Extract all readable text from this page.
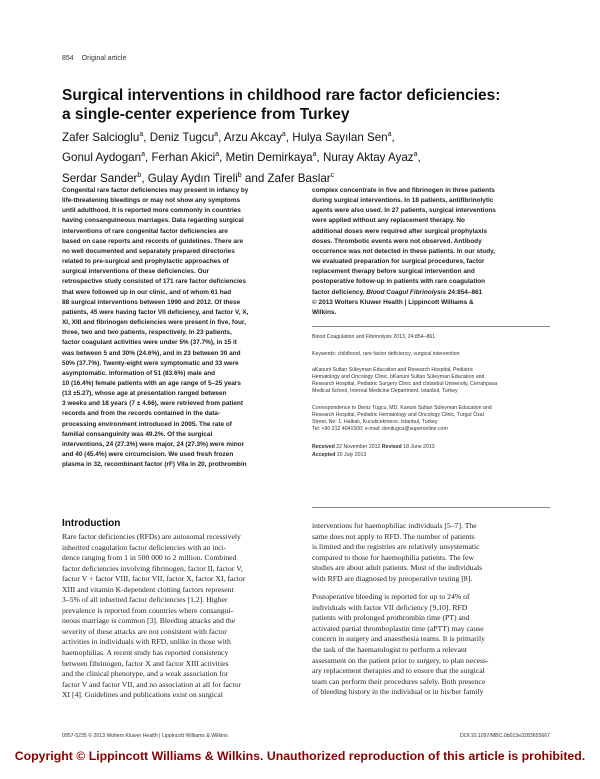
854 Original article
Surgical interventions in childhood rare factor deficiencies:
a single-center experience from Turkey
Zafer Salcioglu$^a$, Deniz Tugcu$^a$, Arzu Akcay$^a$, Hulya Sayılan Sen$^a$,
Gonul Aydogan$^a$, Ferhan Akici$^a$, Metin Demirkaya$^a$, Nuray Aktay Ayaz$^a$,
Serdar Sander$^b$, Gulay Aydın Tireli$^b$ and Zafer Baslar$^c$
Congenital rare factor deficiencies may present in infancy by
life-threatening bleedings or may not show any symptoms
until adulthood. It is reported more commonly in countries
having consanguineous marriages. Data regarding surgical
interventions of rare congenital factor deficiencies are
based on case reports and records of guidelines. There are
no well documented and separately prepared directories
related to pre-surgical and prophylactic approaches of
surgical interventions of these deficiencies. Our
retrospective study consisted of 171 rare factor deficiencies
that were followed up in our clinic, and of whom 61 had
88 surgical interventions between 1990 and 2012. Of these
patients, 45 were having factor VII deficiency, and factor V, X,
XI, XIII and fibrinogen deficiencies were present in five, four,
three, two and two patients, respectively. In 23 patients,
factor coagulant activities were under 5% (37.7%), in 15 it
was between 5 and 30% (24.6%), and in 23 between 30 and
50% (37.7%). Twenty-eight were symptomatic and 33 were
asymptomatic. Information of 51 (83.6%) male and
10 (16.4%) female patients with an age range of 5–25 years
(13 ±5.27), whose age at presentation ranged between
3 weeks and 18 years (7 ± 4.66), were retrieved from patient
records and from the records contained in the data-
processing environment introduced in 2005. The rate of
familial consanguinity was 49.2%. Of the surgical
interventions, 24 (27.3%) were major, 24 (27.3%) were minor
and 40 (45.4%) were circumcision. We used fresh frozen
plasma in 32, recombinant factor (rF) VIIa in 20, prothrombin
complex concentrate in five and fibrinogen in three patients
during surgical interventions. In 18 patients, antifibrinolytic
agents were also used. In 27 patients, surgical interventions
were applied without any replacement therapy. No
additional doses were required after surgical prophylaxis
doses. Thrombotic events were not observed. Antibody
occurrence was not detected in these patients. In our study,
we evaluated preparation for surgical procedures, factor
replacement therapy before surgical intervention and
postoperative follow-up in patients with rare coagulation
factor deficiency. Blood Coagul Fibrinolysis 24:854–861
© 2013 Wolters Kluwer Health | Lippincott Williams &
Wilkins.
Blood Coagulation and Fibrinolysis 2013, 24:854–861
Keywords: childhood, rare factor deficiency, surgical intervention
aKanuni Sultan Süleyman Education and Research Hospital, Pediatric
Hematology and Oncology Clinic, bKanuni Sultan Süleyman Education and
Research Hospital, Pediatric Surgery Clinic and cIstanbul University, Cerrahpasa
Medical School, Internal Medicine Department, Istanbul, Turkey
Correspondence to Deniz Tugcu, MD, Kanuni Sultan Süleyman Education and
Research Hospital, Pediatric Hematology and Oncology Clinic, Turgut Özal
Street, No: 1, Halkalı, Kucukcekmece, Istanbul, Turkey
Tel: +90 212 4041500; e-mail: denitugcu@superonline.com
Received 22 November 2012 Revised 18 June 2013
Accepted 20 July 2013
Introduction

Rare factor deficiencies (RFDs) are autosomal recessively
inherited coagulation factor deficiencies with an inci-
dence ranging from 1 in 500 000 to 2 million. Combined
factor deficiencies involving fibrinogen, factor II, factor V,
factor V + factor VIII, factor VII, factor X, factor XI, factor
XIII and vitamin K-dependent clotting factors represent
3–5% of all inherited factor deficiencies [1,2]. Higher
prevalence is reported from countries where consangui-
neous marriage is common [3]. Bleeding attacks and the
severity of these attacks are not consistent with factor
activities in individuals with RFD, unlike in those with
haemophilias. A recent study has reported consistency
between fibrinogen, factor X and factor XIII activities
and the clinical phenotype, and a weak association for
factor V and factor VII, and no association at all for factor
XI [4]. Guidelines and publications exist on surgical

interventions for haemophiliac individuals [5–7]. The
same does not apply to RFD. The number of patients
is limited and the registries are relatively unsystematic
compared to those for haemophilia patients. The few
studies are about adult patients. Most of the individuals
with RFD are diagnosed by preoperative testing [8].

Postoperative bleeding is reported for up to 24% of
individuals with factor VII deficiency [9,10]. RFD
patients with prolonged prothrombin time (PT) and
activated partial thromboplastin time (aPTT) may cause
concern in surgery and anaesthesia teams. It is primarily
the task of the haematologist to perform a relevant
assessment on the patient prior to surgery, to plan necess-
ary replacement therapies and to ensure that the surgical
team can perform their procedures safely. Both presence
of bleeding history in the individual or in his/her family

0957-5235 © 2013 Wolters Kluwer Health | Lippincott Williams & Wilkins	DOI:10.1097/MBC.0b013e3283655667
Copyright © Lippincott Williams & Wilkins. Unauthorized reproduction of this article is prohibited.
